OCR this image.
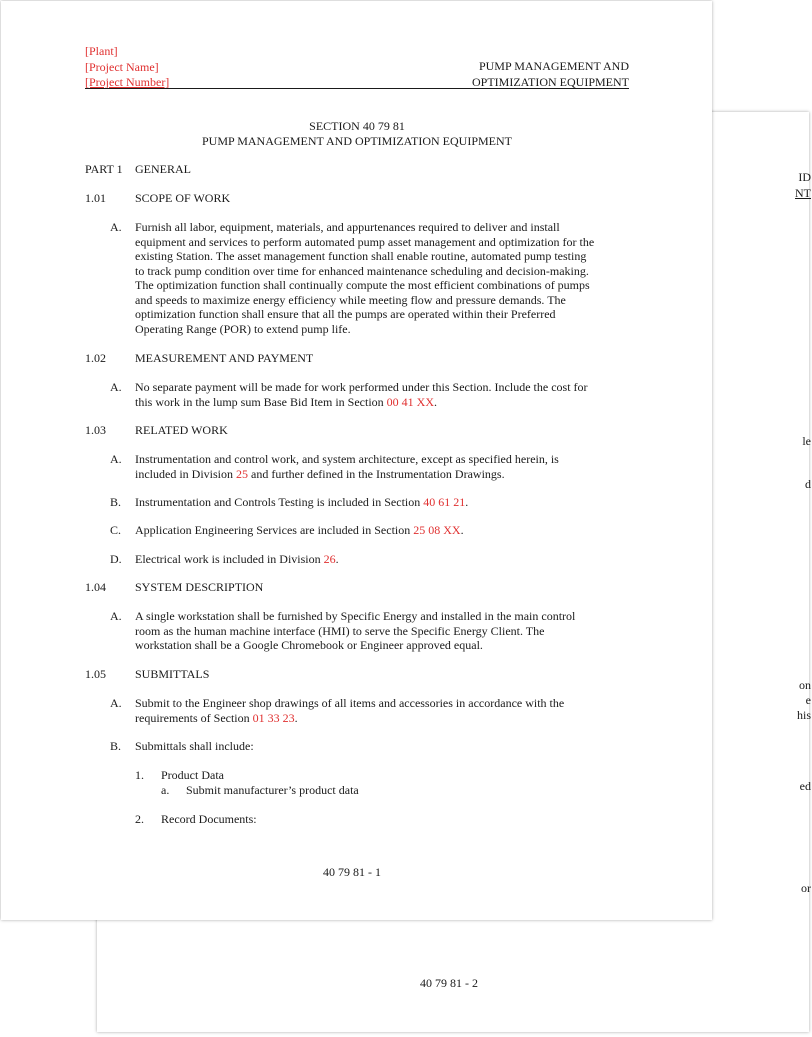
ID
NT
le
d
on
e
his
ed
or
40 79 81 - 2
[Plant]
[Project Name]
[Project Number]
PUMP MANAGEMENT AND
OPTIMIZATION EQUIPMENT
SECTION 40 79 81
PUMP MANAGEMENT AND OPTIMIZATION EQUIPMENT
PART 1 GENERAL
1.01 SCOPE OF WORK
A. Furnish all labor, equipment, materials, and appurtenances required to deliver and install
equipment and services to perform automated pump asset management and optimization for the
existing Station. The asset management function shall enable routine, automated pump testing
to track pump condition over time for enhanced maintenance scheduling and decision-making.
The optimization function shall continually compute the most efficient combinations of pumps
and speeds to maximize energy efficiency while meeting flow and pressure demands. The
optimization function shall ensure that all the pumps are operated within their Preferred
Operating Range (POR) to extend pump life.
1.02 MEASUREMENT AND PAYMENT
A. No separate payment will be made for work performed under this Section. Include the cost for
this work in the lump sum Base Bid Item in Section 00 41 XX.
1.03 RELATED WORK
A. Instrumentation and control work, and system architecture, except as specified herein, is
included in Division 25 and further defined in the Instrumentation Drawings.
B. Instrumentation and Controls Testing is included in Section 40 61 21.
C. Application Engineering Services are included in Section 25 08 XX.
D. Electrical work is included in Division 26.
1.04 SYSTEM DESCRIPTION
A. A single workstation shall be furnished by Specific Energy and installed in the main control
room as the human machine interface (HMI) to serve the Specific Energy Client. The
workstation shall be a Google Chromebook or Engineer approved equal.
1.05 SUBMITTALS
A. Submit to the Engineer shop drawings of all items and accessories in accordance with the
requirements of Section 01 33 23.
B. Submittals shall include:
1. Product Data
a. Submit manufacturer’s product data
2. Record Documents:
40 79 81 - 1
